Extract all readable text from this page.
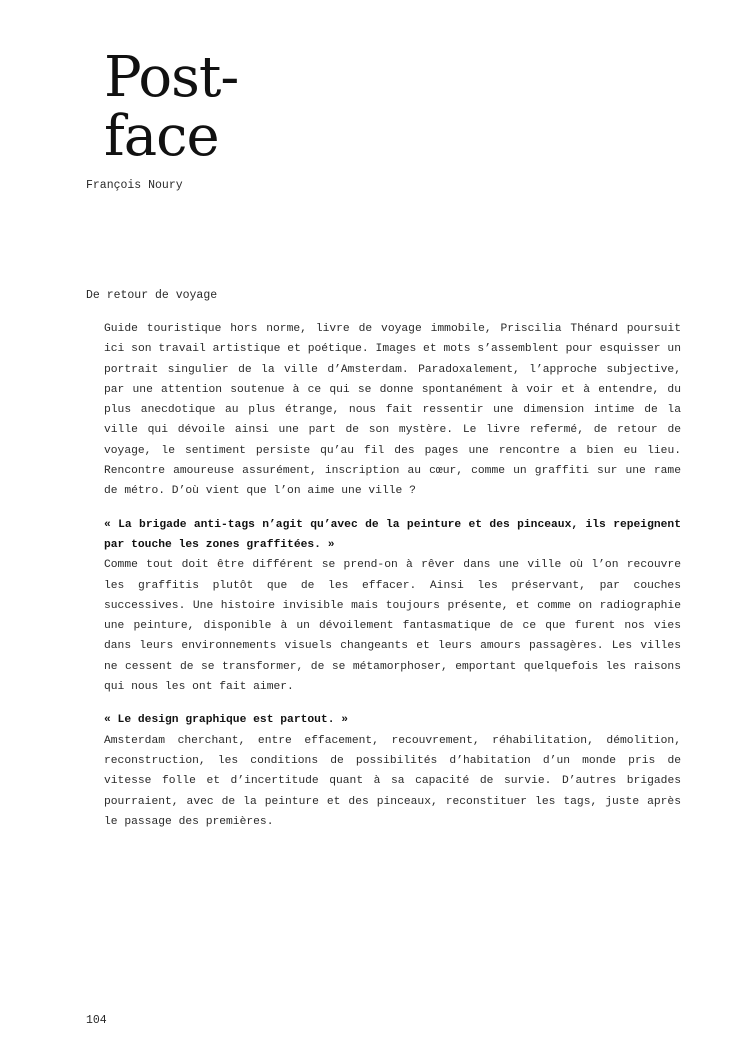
Post-
face
François Noury
De retour de voyage

Guide touristique hors norme, livre de voyage immobile, Priscilia Thénard poursuit ici son travail artistique et poétique. Images et mots s’assemblent pour esquisser un portrait singulier de la ville d’Amsterdam. Paradoxalement, l’approche subjective, par une attention soutenue à ce qui se donne spontanément à voir et à entendre, du plus anecdotique au plus étrange, nous fait ressentir une dimension intime de la ville qui dévoile ainsi une part de son mystère. Le livre refermé, de retour de voyage, le sentiment persiste qu’au fil des pages une rencontre a bien eu lieu. Rencontre amoureuse assurément, inscription au cœur, comme un graffiti sur une rame de métro. D’où vient que l’on aime une ville ?

« La brigade anti-tags n’agit qu’avec de la peinture et des pinceaux, ils repeignent par touche les zones graffitées. »
Comme tout doit être différent se prend-on à rêver dans une ville où l’on recouvre les graffitis plutôt que de les effacer. Ainsi les préservant, par couches successives. Une histoire invisible mais toujours présente, et comme on radiographie une peinture, disponible à un dévoilement fantasmatique de ce que furent nos vies dans leurs environnements visuels changeants et leurs amours passagères. Les villes ne cessent de se transformer, de se métamorphoser, emportant quelquefois les raisons qui nous les ont fait aimer.

« Le design graphique est partout. »
Amsterdam cherchant, entre effacement, recouvrement, réhabilitation, démolition, reconstruction, les conditions de possibilités d’habitation d’un monde pris de vitesse folle et d’incertitude quant à sa capacité de survie. D’autres brigades pourraient, avec de la peinture et des pinceaux, reconstituer les tags, juste après le passage des premières.

104
